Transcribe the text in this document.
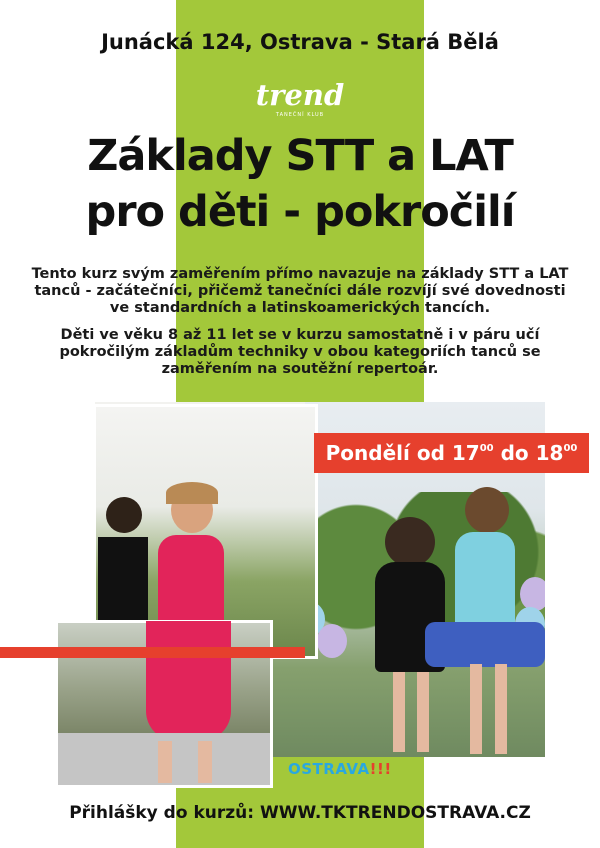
Junácká 124, Ostrava - Stará Bělá
trend
TANEČNÍ KLUB
Základy STT a LAT
pro děti - pokročilí

Tento kurz svým zaměřením přímo navazuje na základy STT a LAT tanců - začátečníci, přičemž tanečníci dále rozvíjí své dovednosti ve standardních a latinskoamerických tancích.

Děti ve věku 8 až 11 let se v kurzu samostatně i v páru učí pokročilým základům techniky v obou kategoriích tanců se zaměřením na soutěžní repertoár.

Pondělí od $17^{00}$ do $18^{00}$
OSTRAVA!!!
Přihlášky do kurzů: WWW.TKTRENDOSTRAVA.CZ
